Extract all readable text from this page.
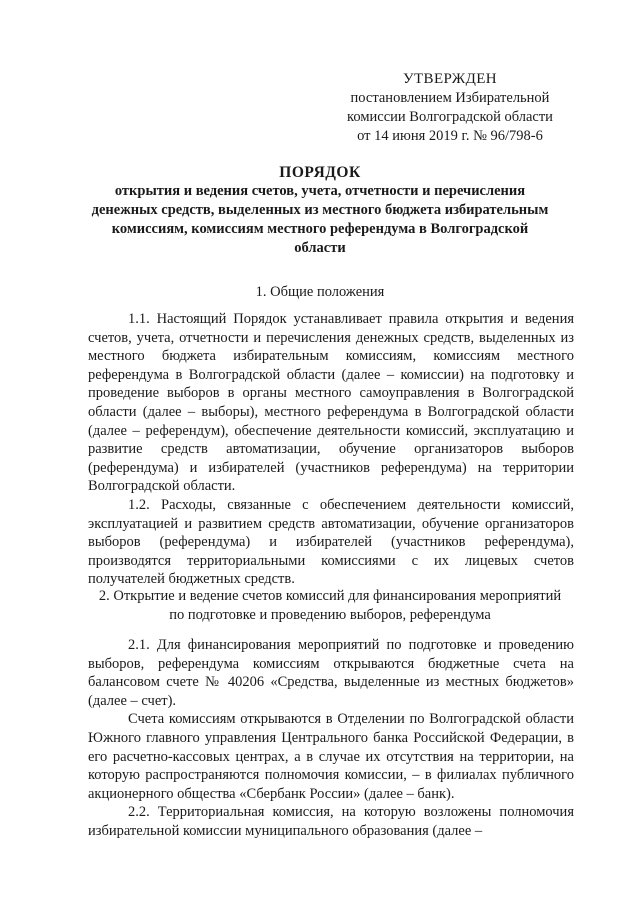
УТВЕРЖДЕН
постановлением Избирательной
комиссии Волгоградской области
от 14 июня 2019 г. № 96/798-6
ПОРЯДОК
открытия и ведения счетов, учета, отчетности и перечисления денежных средств, выделенных из местного бюджета избирательным комиссиям, комиссиям местного референдума в Волгоградской области
1. Общие положения

1.1. Настоящий Порядок устанавливает правила открытия и ведения счетов, учета, отчетности и перечисления денежных средств, выделенных из местного бюджета избирательным комиссиям, комиссиям местного референдума в Волгоградской области (далее – комиссии) на подготовку и проведение выборов в органы местного самоуправления в Волгоградской области (далее – выборы), местного референдума в Волгоградской области (далее – референдум), обеспечение деятельности комиссий, эксплуатацию и развитие средств автоматизации, обучение организаторов выборов (референдума) и избирателей (участников референдума) на территории Волгоградской области.

1.2. Расходы, связанные с обеспечением деятельности комиссий, эксплуатацией и развитием средств автоматизации, обучение организаторов выборов (референдума) и избирателей (участников референдума), производятся территориальными комиссиями с их лицевых счетов получателей бюджетных средств.

2. Открытие и ведение счетов комиссий для финансирования мероприятий
по подготовке и проведению выборов, референдума

2.1. Для финансирования мероприятий по подготовке и проведению выборов, референдума комиссиям открываются бюджетные счета на балансовом счете № 40206 «Средства, выделенные из местных бюджетов» (далее – счет).

Счета комиссиям открываются в Отделении по Волгоградской области Южного главного управления Центрального банка Российской Федерации, в его расчетно-кассовых центрах, а в случае их отсутствия на территории, на которую распространяются полномочия комиссии, – в филиалах публичного акционерного общества «Сбербанк России» (далее – банк).

2.2. Территориальная комиссия, на которую возложены полномочия избирательной комиссии муниципального образования (далее –
